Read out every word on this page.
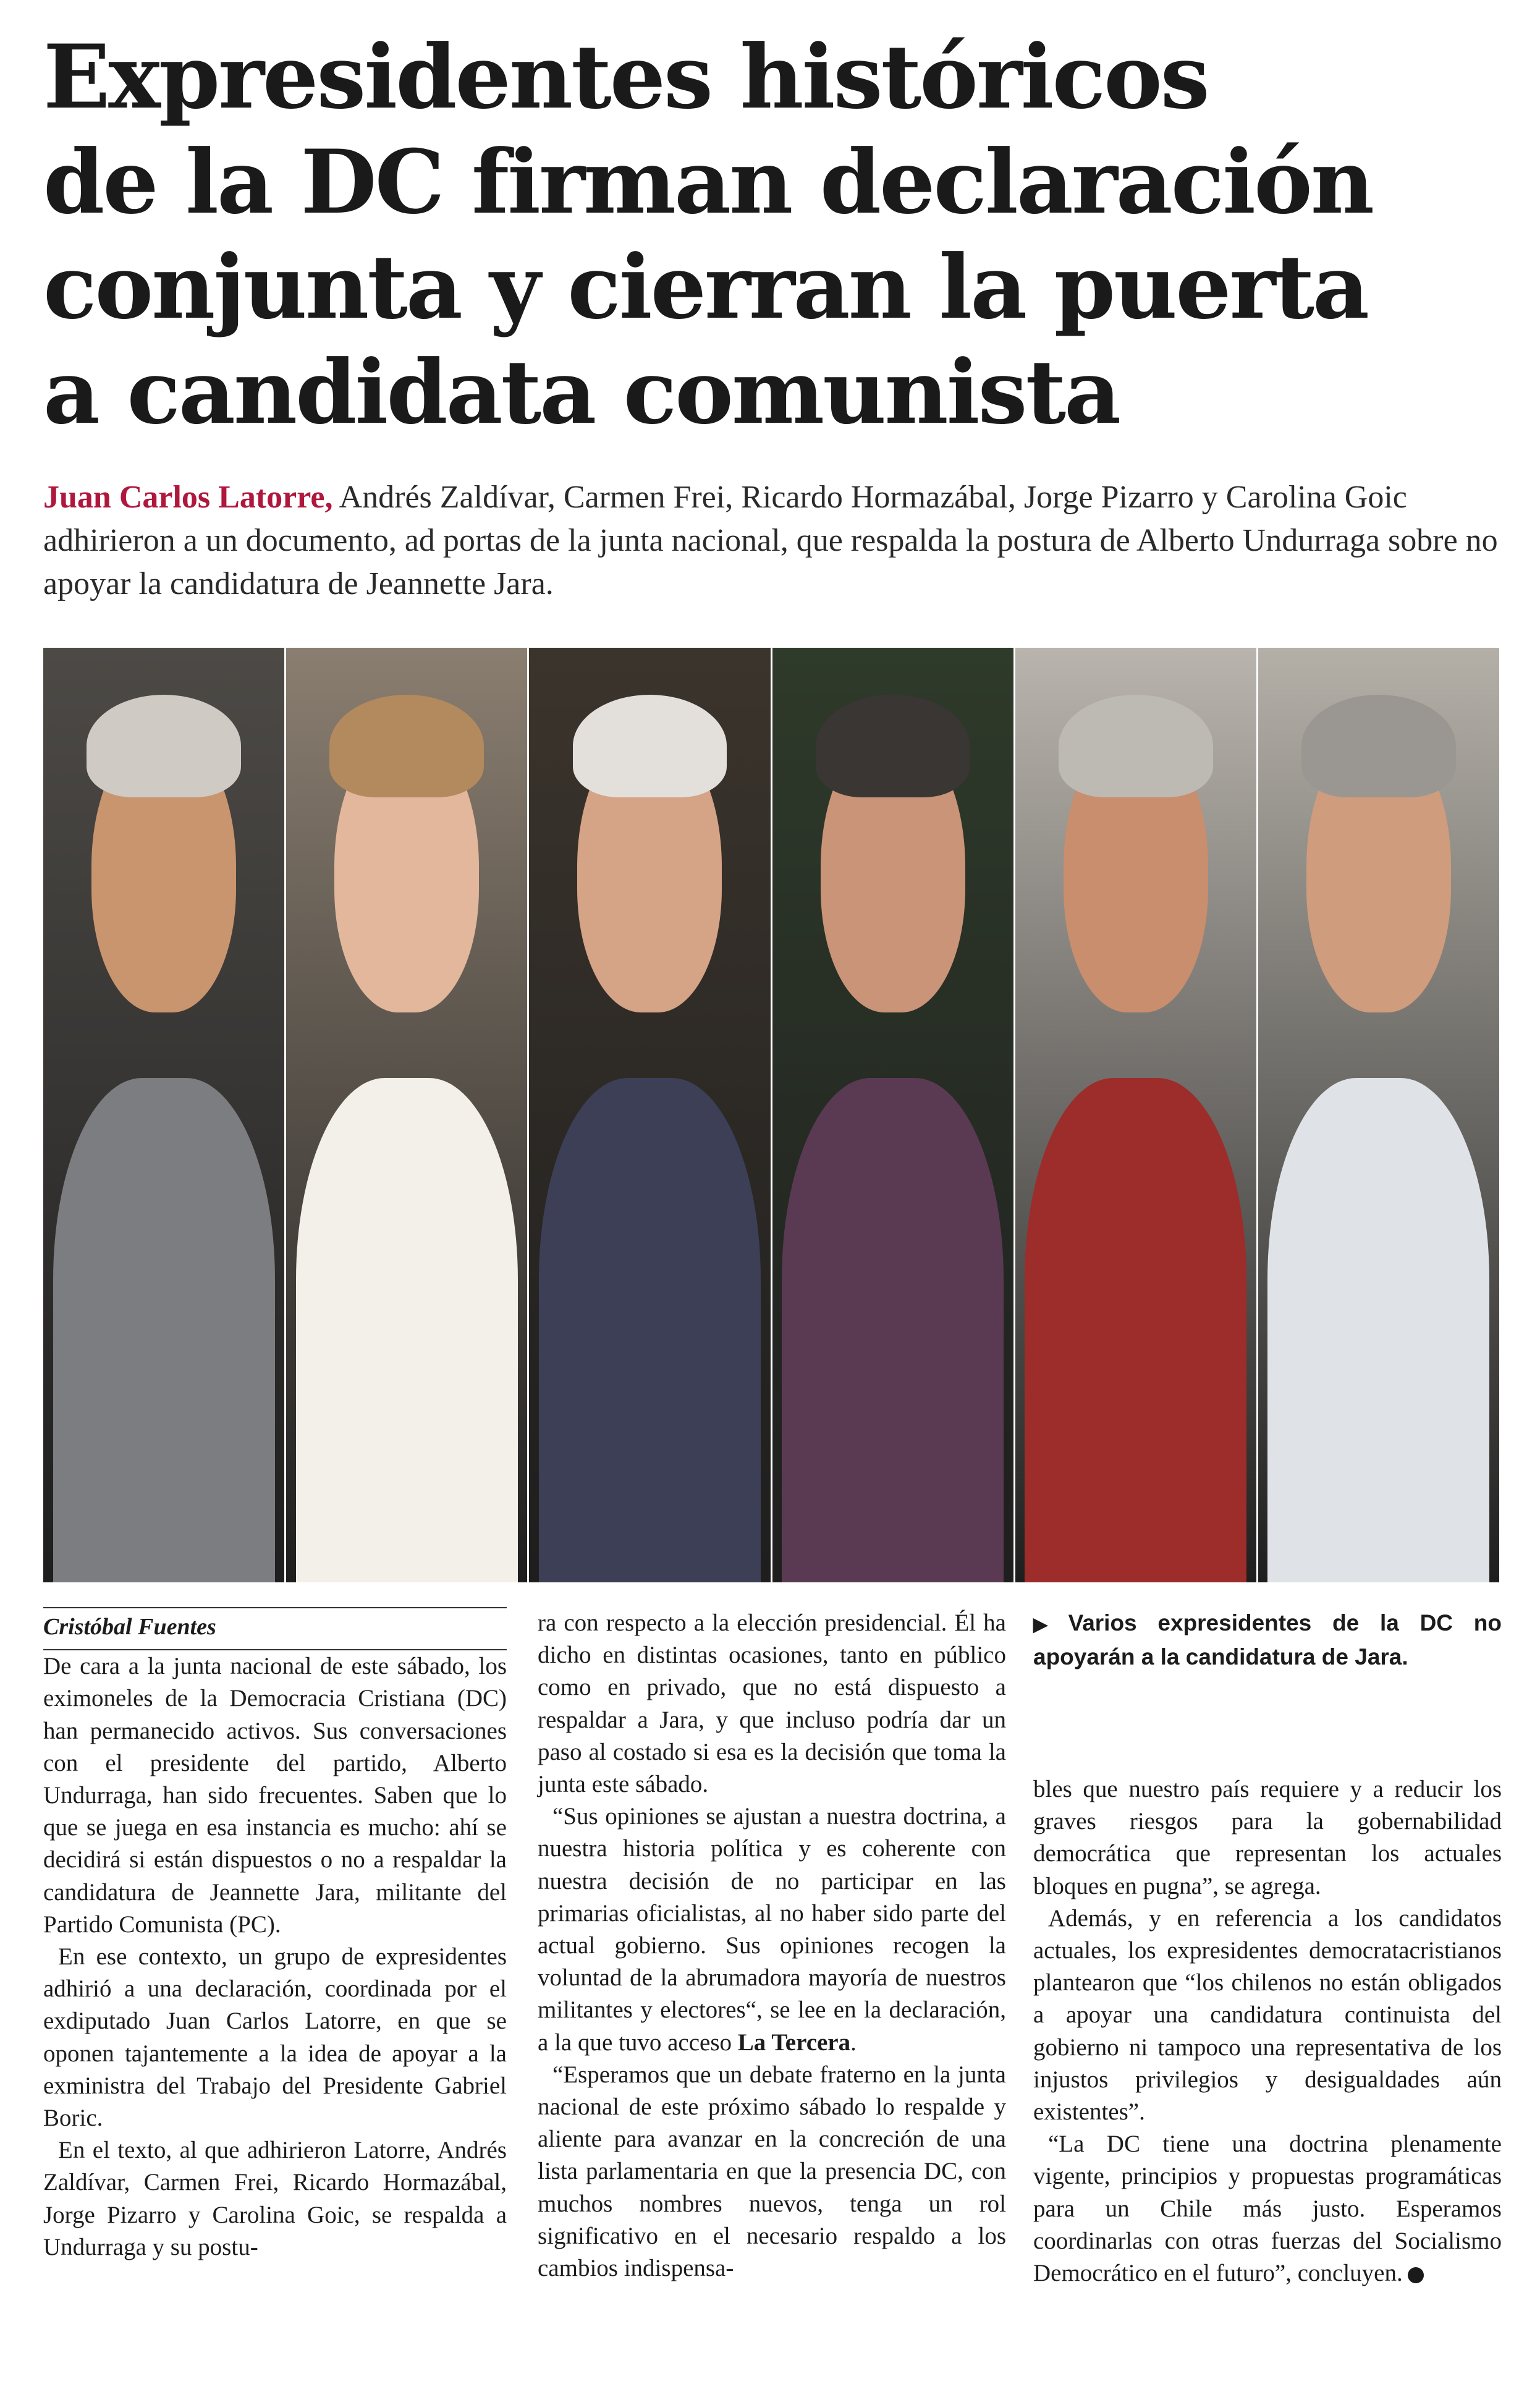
Expresidentes históricos
de la DC firman declaración
conjunta y cierran la puerta
a candidata comunista

Juan Carlos Latorre, Andrés Zaldívar, Carmen Frei, Ricardo Hormazábal, Jorge Pizarro y Carolina Goic adhirieron a un documento, ad portas de la junta nacional, que respalda la postura de Alberto Undurraga sobre no apoyar la candidatura de Jeannette Jara.

Cristóbal Fuentes

De cara a la junta nacional de este sábado, los eximoneles de la Democracia Cristiana (DC) han permanecido activos. Sus conversaciones con el presidente del partido, Alberto Undurraga, han sido frecuentes. Saben que lo que se juega en esa instancia es mucho: ahí se decidirá si están dispuestos o no a respaldar la candidatura de Jeannette Jara, militante del Partido Comunista (PC).

En ese contexto, un grupo de expresidentes adhirió a una declaración, coordinada por el exdiputado Juan Carlos Latorre, en que se oponen tajantemente a la idea de apoyar a la exministra del Trabajo del Presidente Gabriel Boric.

En el texto, al que adhirieron Latorre, Andrés Zaldívar, Carmen Frei, Ricardo Hormazábal, Jorge Pizarro y Carolina Goic, se respalda a Undurraga y su postu-

ra con respecto a la elección presidencial. Él ha dicho en distintas ocasiones, tanto en público como en privado, que no está dispuesto a respaldar a Jara, y que incluso podría dar un paso al costado si esa es la decisión que toma la junta este sábado.

“Sus opiniones se ajustan a nuestra doctrina, a nuestra historia política y es coherente con nuestra decisión de no participar en las primarias oficialistas, al no haber sido parte del actual gobierno. Sus opiniones recogen la voluntad de la abrumadora mayoría de nuestros militantes y electores“, se lee en la declaración, a la que tuvo acceso La Tercera.

“Esperamos que un debate fraterno en la junta nacional de este próximo sábado lo respalde y aliente para avanzar en la concreción de una lista parlamentaria en que la presencia DC, con muchos nombres nuevos, tenga un rol significativo en el necesario respaldo a los cambios indispensa-

▶ Varios expresidentes de la DC no apoyarán a la candidatura de Jara.

bles que nuestro país requiere y a reducir los graves riesgos para la gobernabilidad democrática que representan los actuales bloques en pugna”, se agrega.

Además, y en referencia a los candidatos actuales, los expresidentes democratacristianos plantearon que “los chilenos no están obligados a apoyar una candidatura continuista del gobierno ni tampoco una representativa de los injustos privilegios y desigualdades aún existentes”.

“La DC tiene una doctrina plenamente vigente, principios y propuestas programáticas para un Chile más justo. Esperamos coordinarlas con otras fuerzas del Socialismo Democrático en el futuro”, concluyen.
